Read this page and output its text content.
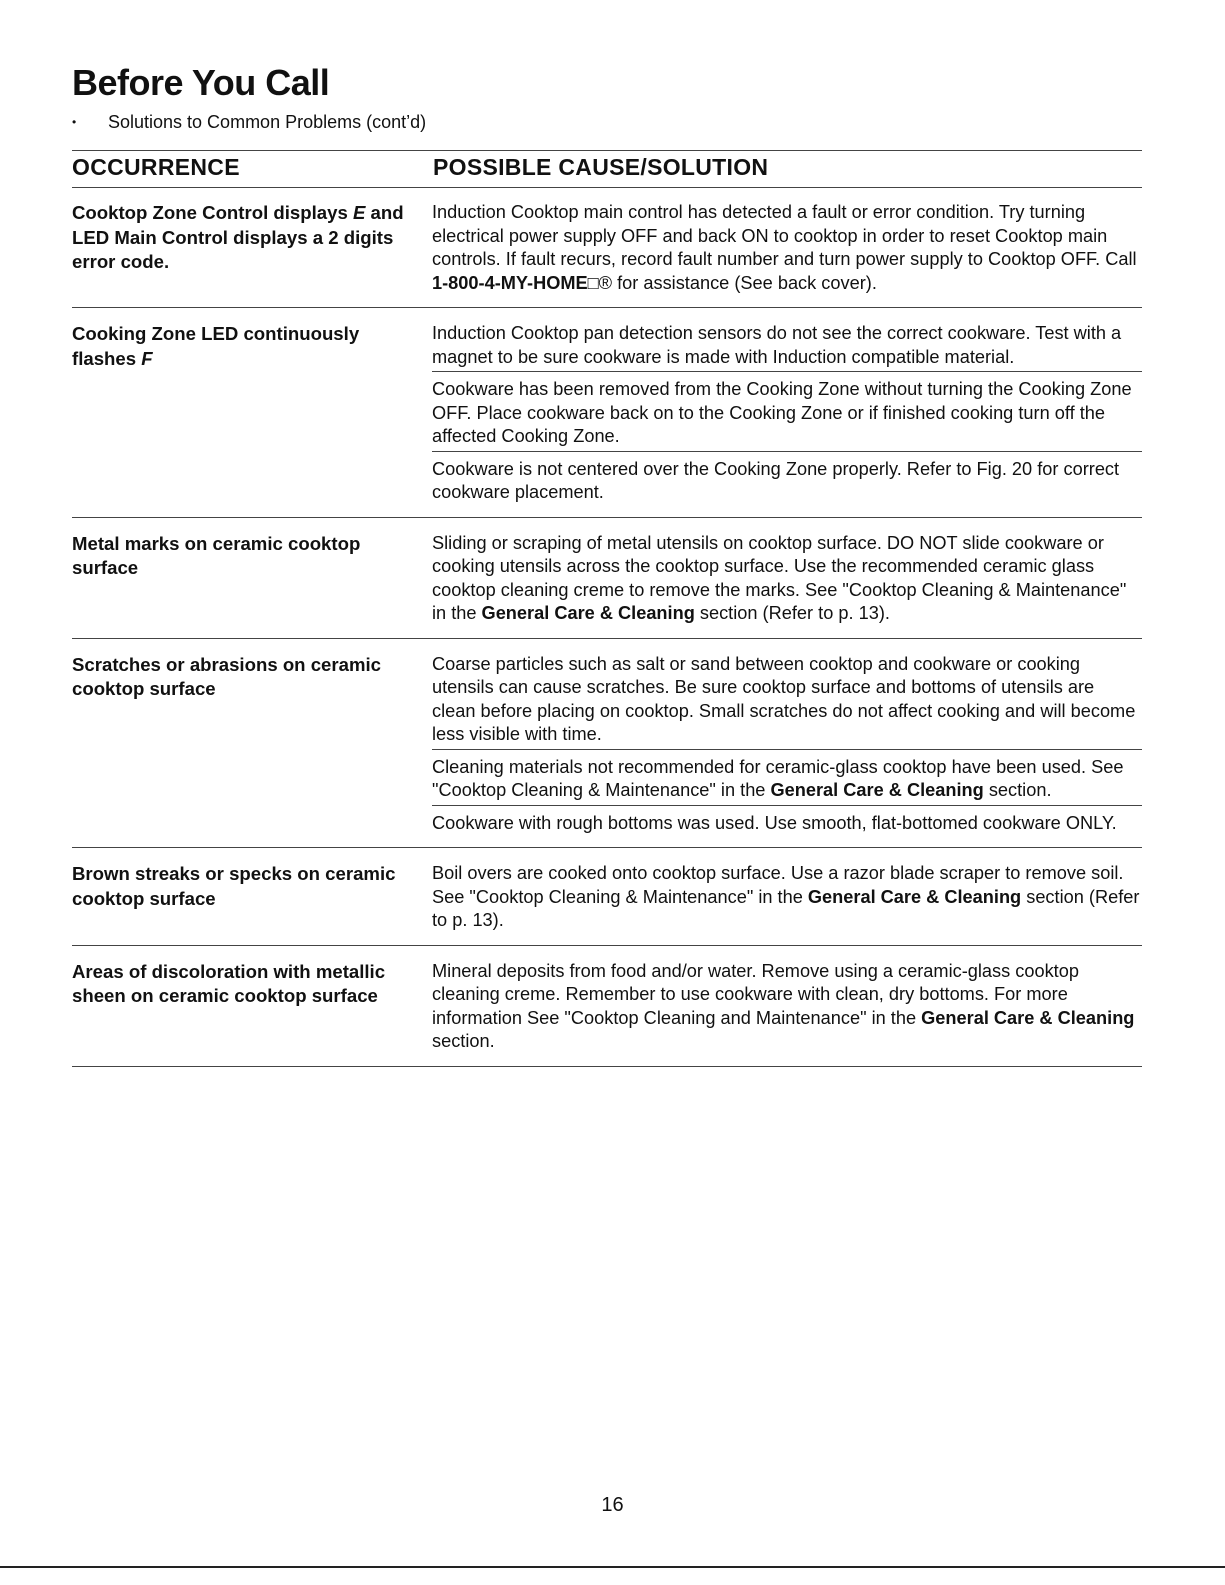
Before You Call
• Solutions to Common Problems (cont’d)
OCCURRENCE	POSSIBLE CAUSE/SOLUTION
Cooktop Zone Control displays E and LED Main Control displays a 2 digits error code.
Induction Cooktop main control has detected a fault or error condition. Try turning electrical power supply OFF and back ON to cooktop in order to reset Cooktop main controls. If fault recurs, record fault number and turn power supply to Cooktop OFF. Call 1-800-4-MY-HOME□® for assistance (See back cover).
Cooking Zone LED continuously flashes F
Induction Cooktop pan detection sensors do not see the correct cookware. Test with a magnet to be sure cookware is made with Induction compatible material.
Cookware has been removed from the Cooking Zone without turning the Cooking Zone OFF. Place cookware back on to the Cooking Zone or if finished cooking turn off the affected Cooking Zone.
Cookware is not centered over the Cooking Zone properly. Refer to Fig. 20 for correct cookware placement.
Metal marks on ceramic cooktop surface
Sliding or scraping of metal utensils on cooktop surface. DO NOT slide cookware or cooking utensils across the cooktop surface. Use the recommended ceramic glass cooktop cleaning creme to remove the marks. See "Cooktop Cleaning & Maintenance" in the General Care & Cleaning section (Refer to p. 13).
Scratches or abrasions on ceramic cooktop surface
Coarse particles such as salt or sand between cooktop and cookware or cooking utensils can cause scratches. Be sure cooktop surface and bottoms of utensils are clean before placing on cooktop. Small scratches do not affect cooking and will become less visible with time.
Cleaning materials not recommended for ceramic-glass cooktop have been used. See "Cooktop Cleaning & Maintenance" in the General Care & Cleaning section.
Cookware with rough bottoms was used. Use smooth, flat-bottomed cookware ONLY.
Brown streaks or specks on ceramic cooktop surface
Boil overs are cooked onto cooktop surface. Use a razor blade scraper to remove soil. See "Cooktop Cleaning & Maintenance" in the General Care & Cleaning section (Refer to p. 13).
Areas of discoloration with metallic sheen on ceramic cooktop surface
Mineral deposits from food and/or water. Remove using a ceramic-glass cooktop cleaning creme. Remember to use cookware with clean, dry bottoms. For more information See "Cooktop Cleaning and Maintenance" in the General Care & Cleaning section.
16
